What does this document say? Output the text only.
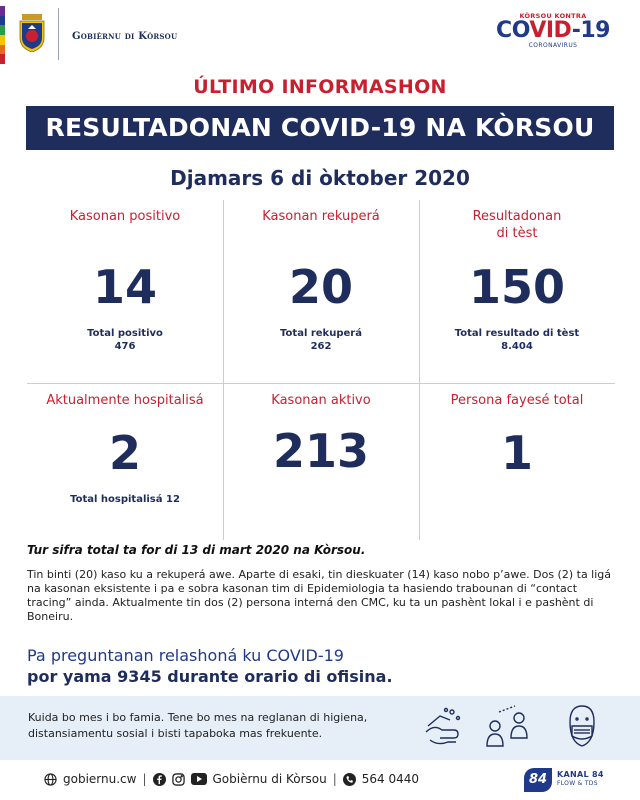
Gobièrnu di Kòrsou
KÒRSOU KONTRA
COVID-19
CORONAVIRUS
ÚLTIMO INFORMASHON
RESULTADONAN COVID-19 NA KÒRSOU
Djamars 6 di òktober 2020
Kasonan positivo
14
Total positivo
476
Kasonan rekuperá
20
Total rekuperá
262
Resultadonan di tèst
150
Total resultado di tèst
8.404
Aktualmente hospitalisá
2
Total hospitalisá 12
Kasonan aktivo
213
Persona fayesé total
1
Tur sifra total ta for di 13 di mart 2020 na Kòrsou.
Tin binti (20) kaso ku a rekuperá awe. Aparte di esaki, tin dieskuater (14) kaso nobo p’awe. Dos (2) ta ligá na kasonan eksistente i pa e sobra kasonan tim di Epidemiologia ta hasiendo trabounan di “contact tracing” ainda. Aktualmente tin dos (2) persona interná den CMC, ku ta un pashènt lokal i e pashènt di Boneiru.
Pa preguntanan relashoná ku COVID-19
por yama 9345 durante orario di ofisina.
Kuida bo mes i bo famia. Tene bo mes na reglanan di higiena, distansiamentu sosial i bisti tapaboka mas frekuente.
gobiernu.cw |	Gobièrnu di Kòrsou | 564 0440	84	KANAL 84
FLOW & TDS
